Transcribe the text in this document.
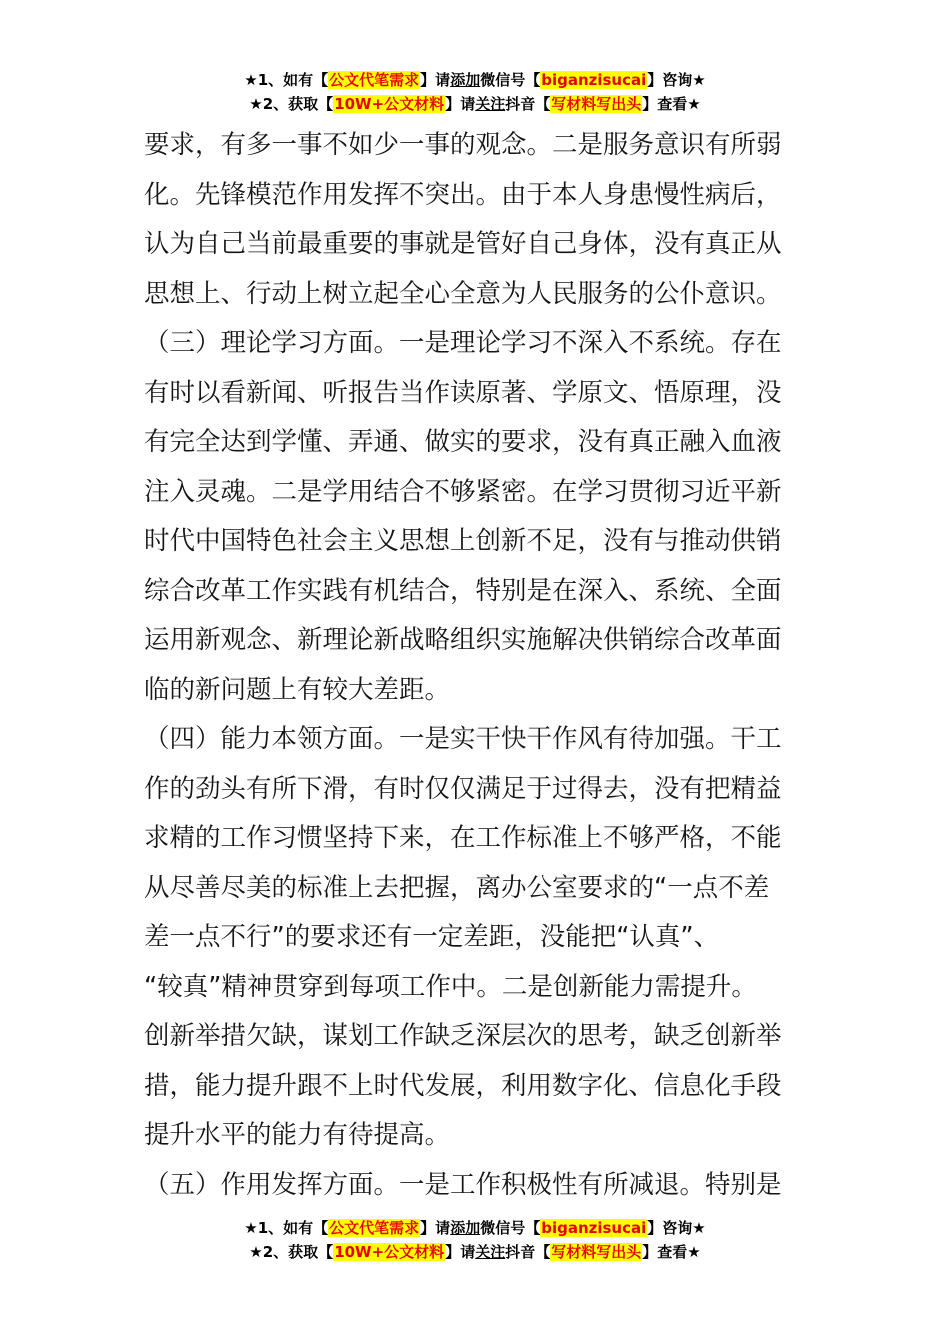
★1、如有【公文代笔需求】请添加微信号【biganzisucai】咨询★
★2、获取【10W+公文材料】请关注抖音【写材料写出头】查看★
要求，有多一事不如少一事的观念。二是服务意识有所弱
化。先锋模范作用发挥不突出。由于本人身患慢性病后，
认为自己当前最重要的事就是管好自己身体，没有真正从
思想上、行动上树立起全心全意为人民服务的公仆意识。
（三）理论学习方面。一是理论学习不深入不系统。存在
有时以看新闻、听报告当作读原著、学原文、悟原理，没
有完全达到学懂、弄通、做实的要求，没有真正融入血液
注入灵魂。二是学用结合不够紧密。在学习贯彻习近平新
时代中国特色社会主义思想上创新不足，没有与推动供销
综合改革工作实践有机结合，特别是在深入、系统、全面
运用新观念、新理论新战略组织实施解决供销综合改革面
临的新问题上有较大差距。
（四）能力本领方面。一是实干快干作风有待加强。干工
作的劲头有所下滑，有时仅仅满足于过得去，没有把精益
求精的工作习惯坚持下来，在工作标准上不够严格，不能
从尽善尽美的标准上去把握，离办公室要求的“一点不差
差一点不行”的要求还有一定差距，没能把“认真”、
“较真”精神贯穿到每项工作中。二是创新能力需提升。
创新举措欠缺，谋划工作缺乏深层次的思考，缺乏创新举
措，能力提升跟不上时代发展，利用数字化、信息化手段
提升水平的能力有待提高。
（五）作用发挥方面。一是工作积极性有所减退。特别是
★1、如有【公文代笔需求】请添加微信号【biganzisucai】咨询★
★2、获取【10W+公文材料】请关注抖音【写材料写出头】查看★
